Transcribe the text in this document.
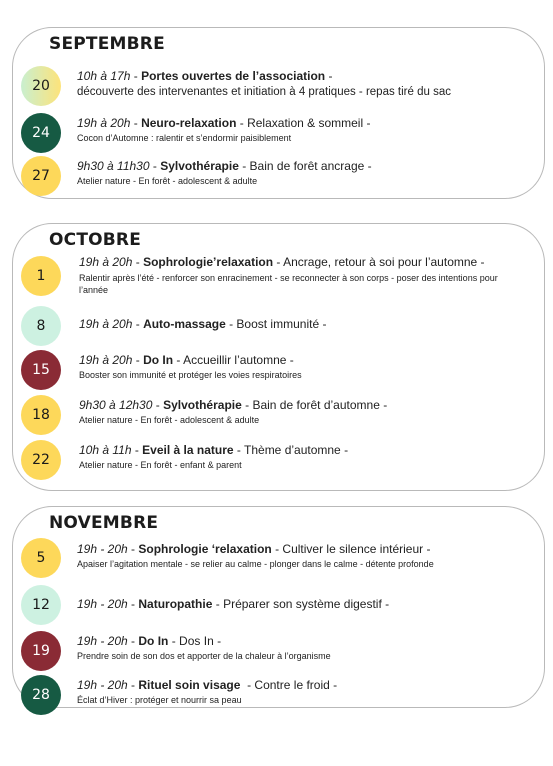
SEPTEMBRE
20
10h à 17h - Portes ouvertes de l’association -
découverte des intervenantes et initiation à 4 pratiques - repas tiré du sac
24
19h à 20h - Neuro-relaxation - Relaxation & sommeil -
Cocon d’Automne : ralentir et s’endormir paisiblement
27
9h30 à 11h30 - Sylvothérapie - Bain de forêt ancrage -
Atelier nature - En forêt - adolescent & adulte
OCTOBRE
1
19h à 20h - Sophrologie’relaxation - Ancrage, retour à soi pour l’automne -
Ralentir après l’été - renforcer son enracinement - se reconnecter à son corps - poser des intentions pour l’année
8	19h à 20h - Auto-massage - Boost immunité -
15
19h à 20h - Do In - Accueillir l’automne -
Booster son immunité et protéger les voies respiratoires
18
9h30 à 12h30 - Sylvothérapie - Bain de forêt d’automne -
Atelier nature - En forêt - adolescent & adulte
22
10h à 11h - Eveil à la nature - Thème d’automne -
Atelier nature - En forêt - enfant & parent
NOVEMBRE
5
19h - 20h - Sophrologie ‘relaxation - Cultiver le silence intérieur -
Apaiser l’agitation mentale - se relier au calme - plonger dans le calme - détente profonde
12 19h - 20h - Naturopathie - Préparer son système digestif -
19
19h - 20h - Do In - Dos In -
Prendre soin de son dos et apporter de la chaleur à l’organisme
28
19h - 20h - Rituel soin visage  - Contre le froid -
Éclat d’Hiver : protéger et nourrir sa peau
